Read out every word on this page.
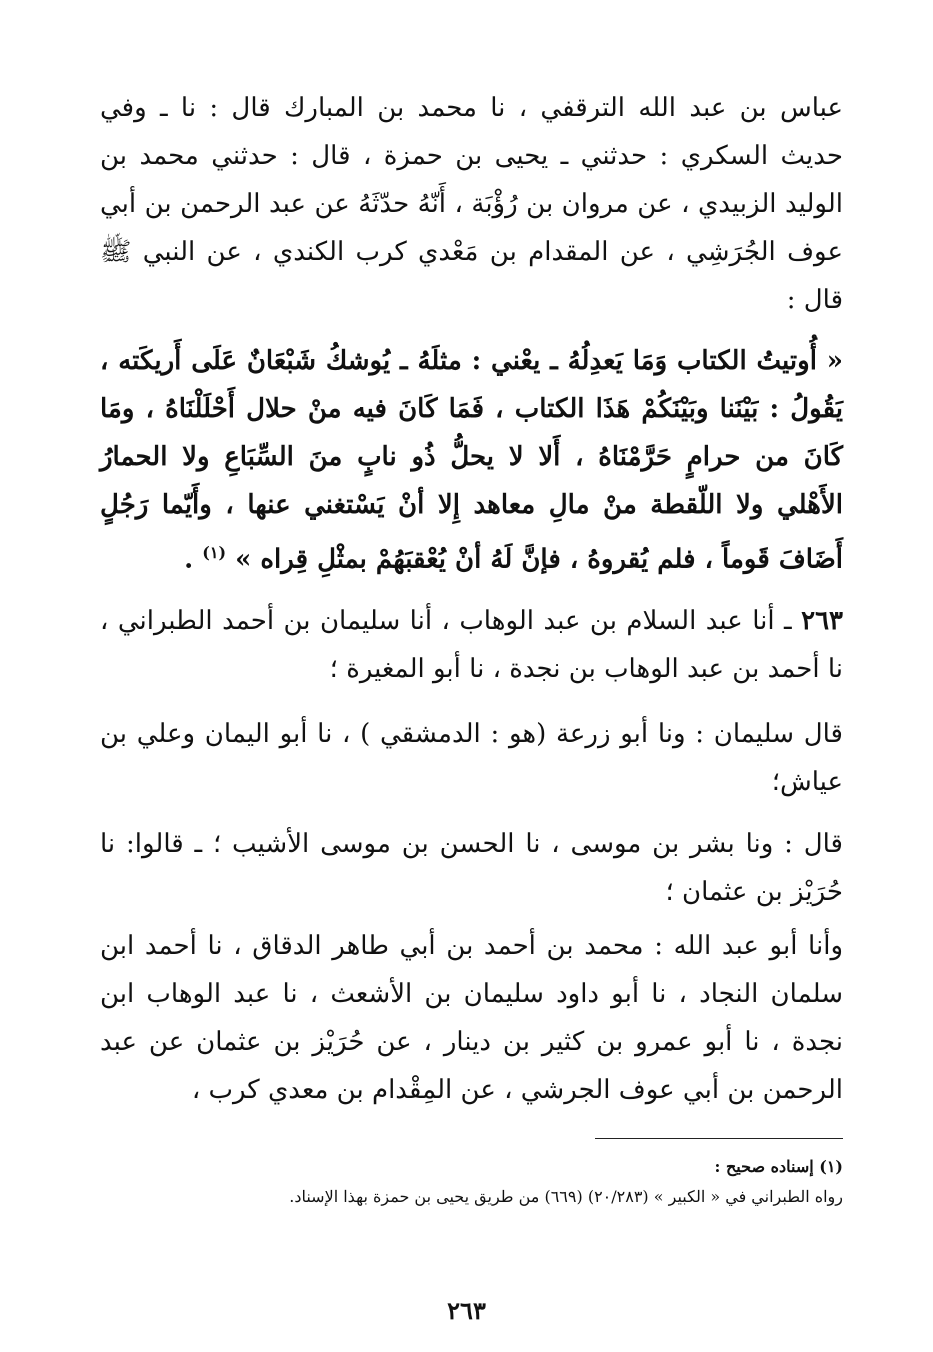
عباس بن عبد الله الترقفي ، نا محمد بن المبارك قال : نا ـ وفي حديث السكري : حدثني ـ يحيى بن حمزة ، قال : حدثني محمد بن الوليد الزبيدي ، عن مروان بن رُؤْبَة ، أَنّهُ حدّثَهُ عن عبد الرحمن بن أبي عوف الجُرَشِي ، عن المقدام بن مَعْدي كرب الكندي ، عن النبي ﷺ قال :
« أُوتيتُ الكتاب وَمَا يَعدِلُهُ ـ يعْني : مثلَهُ ـ يُوشكُ شَبْعَانٌ عَلَى أَريكَته ، يَقُولُ : بَيْنَنا وبَيْنَكُمْ هَذَا الكتاب ، فَمَا كَانَ فيه منْ حلال أَحْلَلْنَاهُ ، ومَا كَانَ من حرامٍ حَرَّمْنَاهُ ، أَلا لا يحلُّ ذُو نابٍ منَ السِّبَاعِ ولا الحمارُ الأَهْلي ولا اللّقطة منْ مالِ معاهد إِلا أنْ يَسْتغني عنها ، وأَيّما رَجُلٍ أَضَافَ قَوماً ، فلم يُقروهُ ، فإنَّ لَهُ أنْ يُعْقبَهُمْ بمثْلِ قِراه » $^{(١)}$ .
٢٦٣ ـ أنا عبد السلام بن عبد الوهاب ، أنا سليمان بن أحمد الطبراني ، نا أحمد بن عبد الوهاب بن نجدة ، نا أبو المغيرة ؛
قال سليمان : ونا أبو زرعة (هو : الدمشقي ) ، نا أبو اليمان وعلي بن عياش؛
قال : ونا بشر بن موسى ، نا الحسن بن موسى الأشيب ؛ ـ قالوا: نا حُرَيْز بن عثمان ؛
وأنا أبو عبد الله : محمد بن أحمد بن أبي طاهر الدقاق ، نا أحمد ابن سلمان النجاد ، نا أبو داود سليمان بن الأشعث ، نا عبد الوهاب ابن نجدة ، نا أبو عمرو بن كثير بن دينار ، عن حُرَيْز بن عثمان عن عبد الرحمن بن أبي عوف الجرشي ، عن المِقْدام بن معدي كرب ،
(١) إسناده صحيح :
رواه الطبراني في « الكبير » (٢٠/٢٨٣) (٦٦٩) من طريق يحيى بن حمزة بهذا الإسناد.
٢٦٣
